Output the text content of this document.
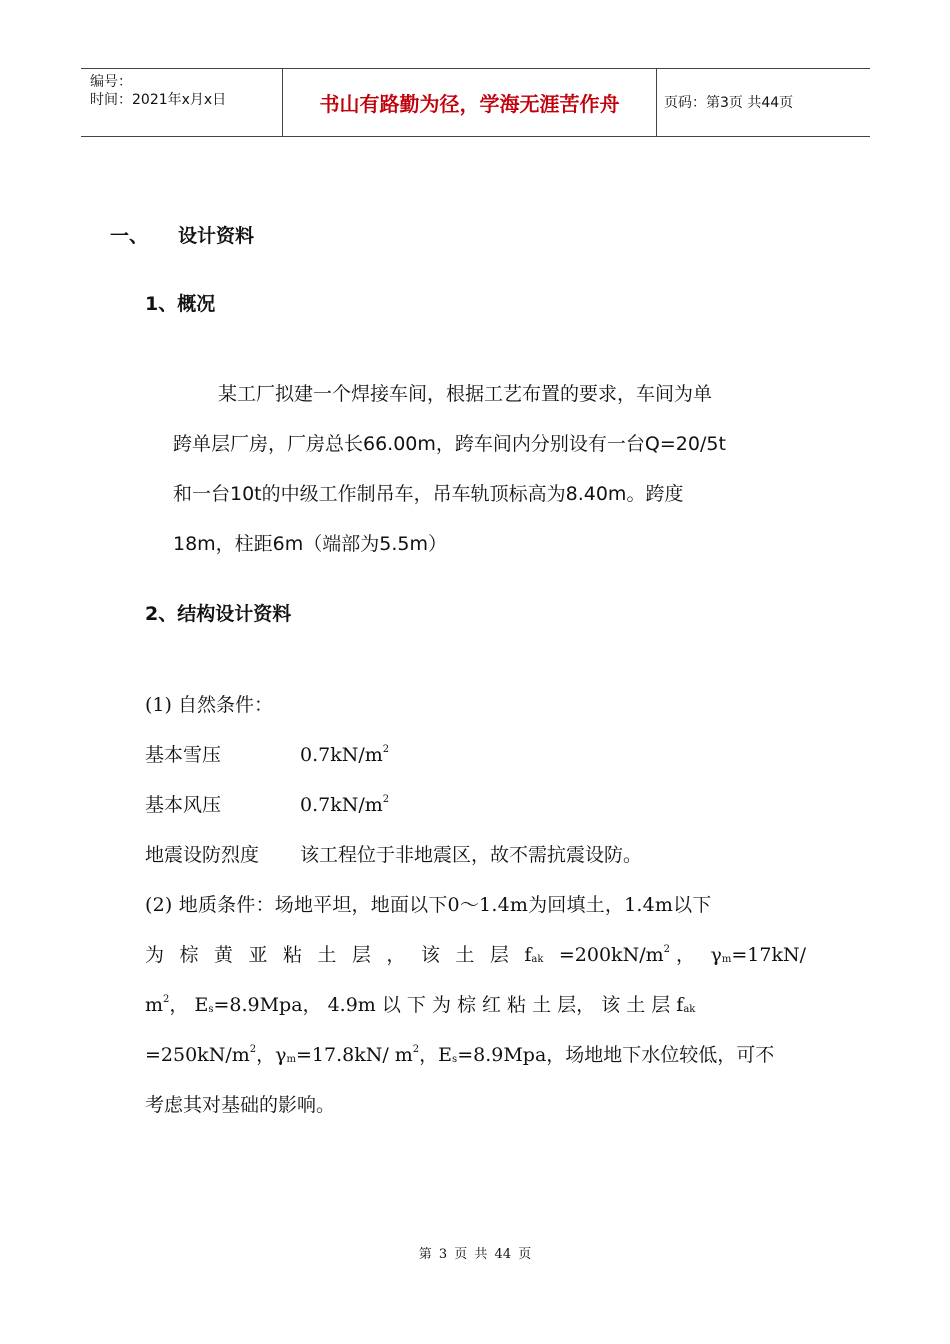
编号：
时间：2021年x月x日	书山有路勤为径，学海无涯苦作舟	页码：第3页 共44页
一、 设计资料
1、概况
某工厂拟建一个焊接车间，根据工艺布置的要求，车间为单
跨单层厂房，厂房总长66.00m，跨车间内分别设有一台Q=20/5t
和一台10t的中级工作制吊车，吊车轨顶标高为8.40m。跨度
18m，柱距6m（端部为5.5m）
2、结构设计资料
(1) 自然条件：
基本雪压	$0.7kN/m^2$
基本风压	$0.7kN/m^2$
地震设防烈度 该工程位于非地震区，故不需抗震设防。
(2) 地质条件：场地平坦，地面以下0～1.4m为回填土，1.4m以下
为 棕 黄 亚 粘 土 层 ， 该 土 层 $f_{ak} =200kN/m^2$ ， $\gamma_m=17kN/$
$m^2$， $E_s=8.9Mpa$， 4.9m 以 下 为 棕 红 粘 土 层， 该 土 层 $f_{ak}$
$=250kN/m^2$，$\gamma_m=17.8kN/$ $m^2$，$E_s=8.9Mpa$，场地地下水位较低，可不
考虑其对基础的影响。
第 3 页 共 44 页
